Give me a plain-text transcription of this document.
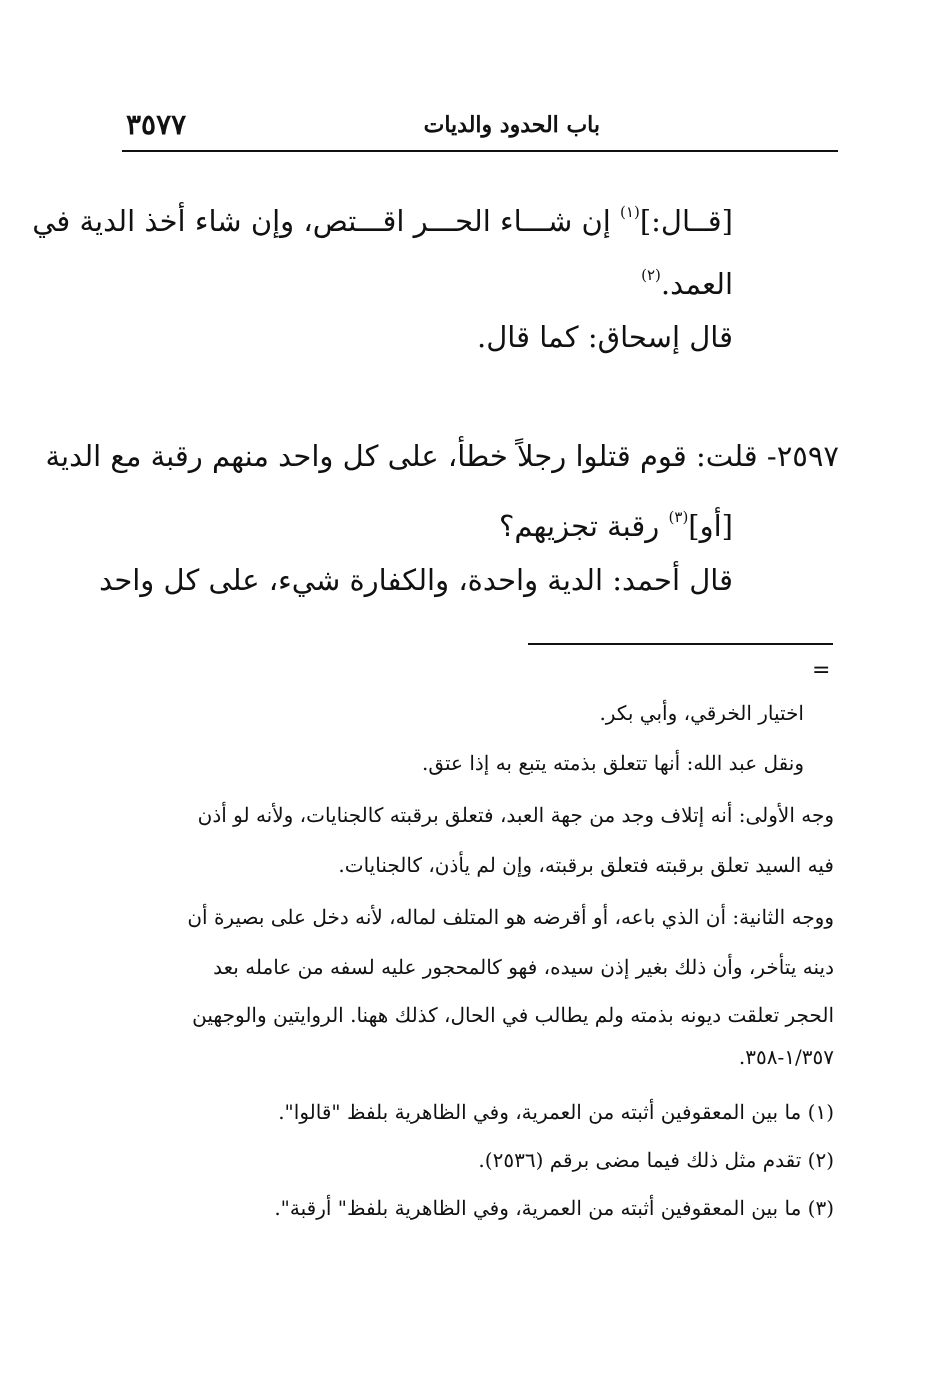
باب الحدود والديات
٣٥٧٧
[قــال:]$^{(١)}$ إن شـــاء الحـــر اقـــتص، وإن شاء أخذ الدية في
العمد.$^{(٢)}$
قال إسحاق: كما قال.
٢٥٩٧- قلت: قوم قتلوا رجلاً خطأ، على كل واحد منهم رقبة مع الدية
[أو]$^{(٣)}$ رقبة تجزيهم؟
قال أحمد: الدية واحدة، والكفارة شيء، على كل واحد
=
اختيار الخرقي، وأبي بكر.
ونقل عبد الله: أنها تتعلق بذمته يتبع به إذا عتق.
وجه الأولى: أنه إتلاف وجد من جهة العبد، فتعلق برقبته كالجنايات، ولأنه لو أذن
فيه السيد تعلق برقبته فتعلق برقبته، وإن لم يأذن، كالجنايات.
ووجه الثانية: أن الذي باعه، أو أقرضه هو المتلف لماله، لأنه دخل على بصيرة أن
دينه يتأخر، وأن ذلك بغير إذن سيده، فهو كالمحجور عليه لسفه من عامله بعد
الحجر تعلقت ديونه بذمته ولم يطالب في الحال، كذلك ههنا. الروايتين والوجهين
١/٣٥٧-٣٥٨.
(١) ما بين المعقوفين أثبته من العمرية، وفي الظاهرية بلفظ "قالوا".
(٢) تقدم مثل ذلك فيما مضى برقم (٢٥٣٦).
(٣) ما بين المعقوفين أثبته من العمرية، وفي الظاهرية بلفظ" أرقبة".
